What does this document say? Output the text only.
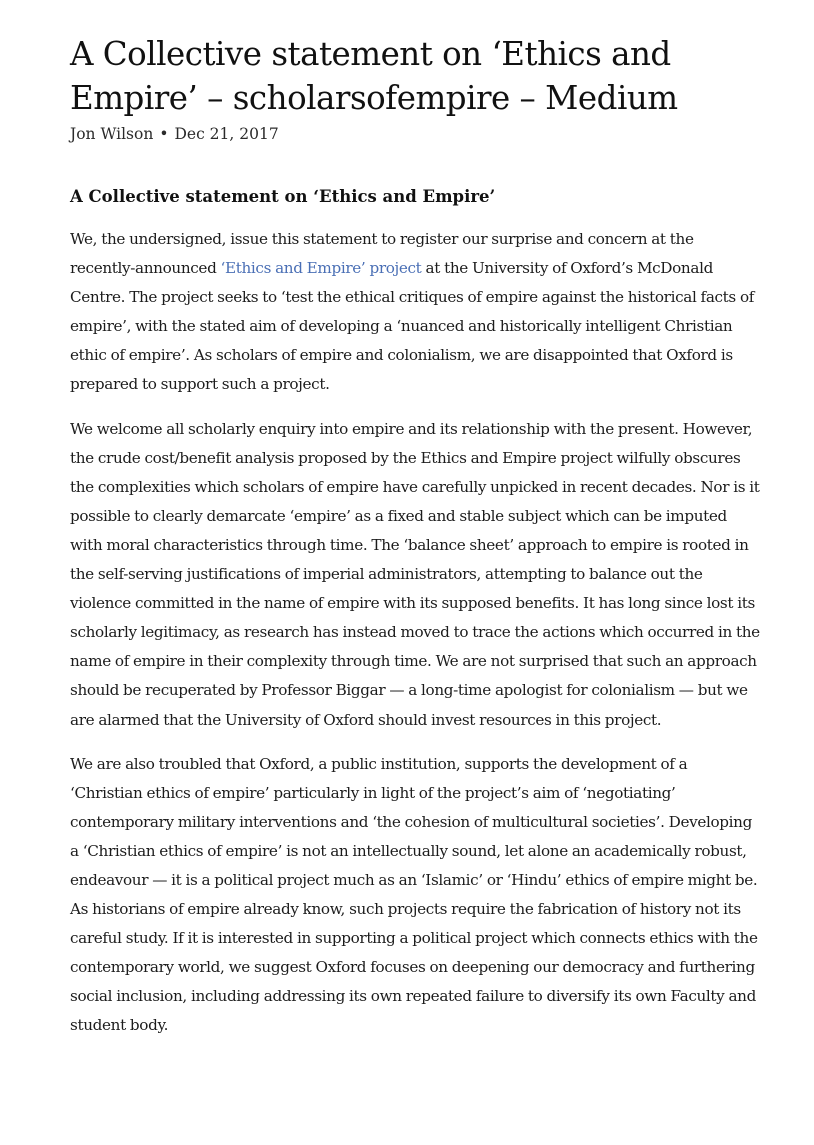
A Collective statement on ‘Ethics and Empire’ – scholarsofempire – Medium
Jon Wilson • Dec 21, 2017
A Collective statement on ‘Ethics and Empire’

We, the undersigned, issue this statement to register our surprise and concern at the recently-announced ‘Ethics and Empire’ project at the University of Oxford’s McDonald Centre. The project seeks to ‘test the ethical critiques of empire against the historical facts of empire’, with the stated aim of developing a ‘nuanced and historically intelligent Christian ethic of empire’. As scholars of empire and colonialism, we are disappointed that Oxford is prepared to support such a project.

We welcome all scholarly enquiry into empire and its relationship with the present. However, the crude cost/benefit analysis proposed by the Ethics and Empire project wilfully obscures the complexities which scholars of empire have carefully unpicked in recent decades. Nor is it possible to clearly demarcate ‘empire’ as a fixed and stable subject which can be imputed with moral characteristics through time. The ‘balance sheet’ approach to empire is rooted in the self-serving justifications of imperial administrators, attempting to balance out the violence committed in the name of empire with its supposed benefits. It has long since lost its scholarly legitimacy, as research has instead moved to trace the actions which occurred in the name of empire in their complexity through time. We are not surprised that such an approach should be recuperated by Professor Biggar — a long-time apologist for colonialism — but we are alarmed that the University of Oxford should invest resources in this project.

We are also troubled that Oxford, a public institution, supports the development of a ‘Christian ethics of empire’ particularly in light of the project’s aim of ‘negotiating’ contemporary military interventions and ‘the cohesion of multicultural societies’. Developing a ‘Christian ethics of empire’ is not an intellectually sound, let alone an academically robust, endeavour — it is a political project much as an ‘Islamic’ or ‘Hindu’ ethics of empire might be. As historians of empire already know, such projects require the fabrication of history not its careful study. If it is interested in supporting a political project which connects ethics with the contemporary world, we suggest Oxford focuses on deepening our democracy and furthering social inclusion, including addressing its own repeated failure to diversify its own Faculty and student body.
